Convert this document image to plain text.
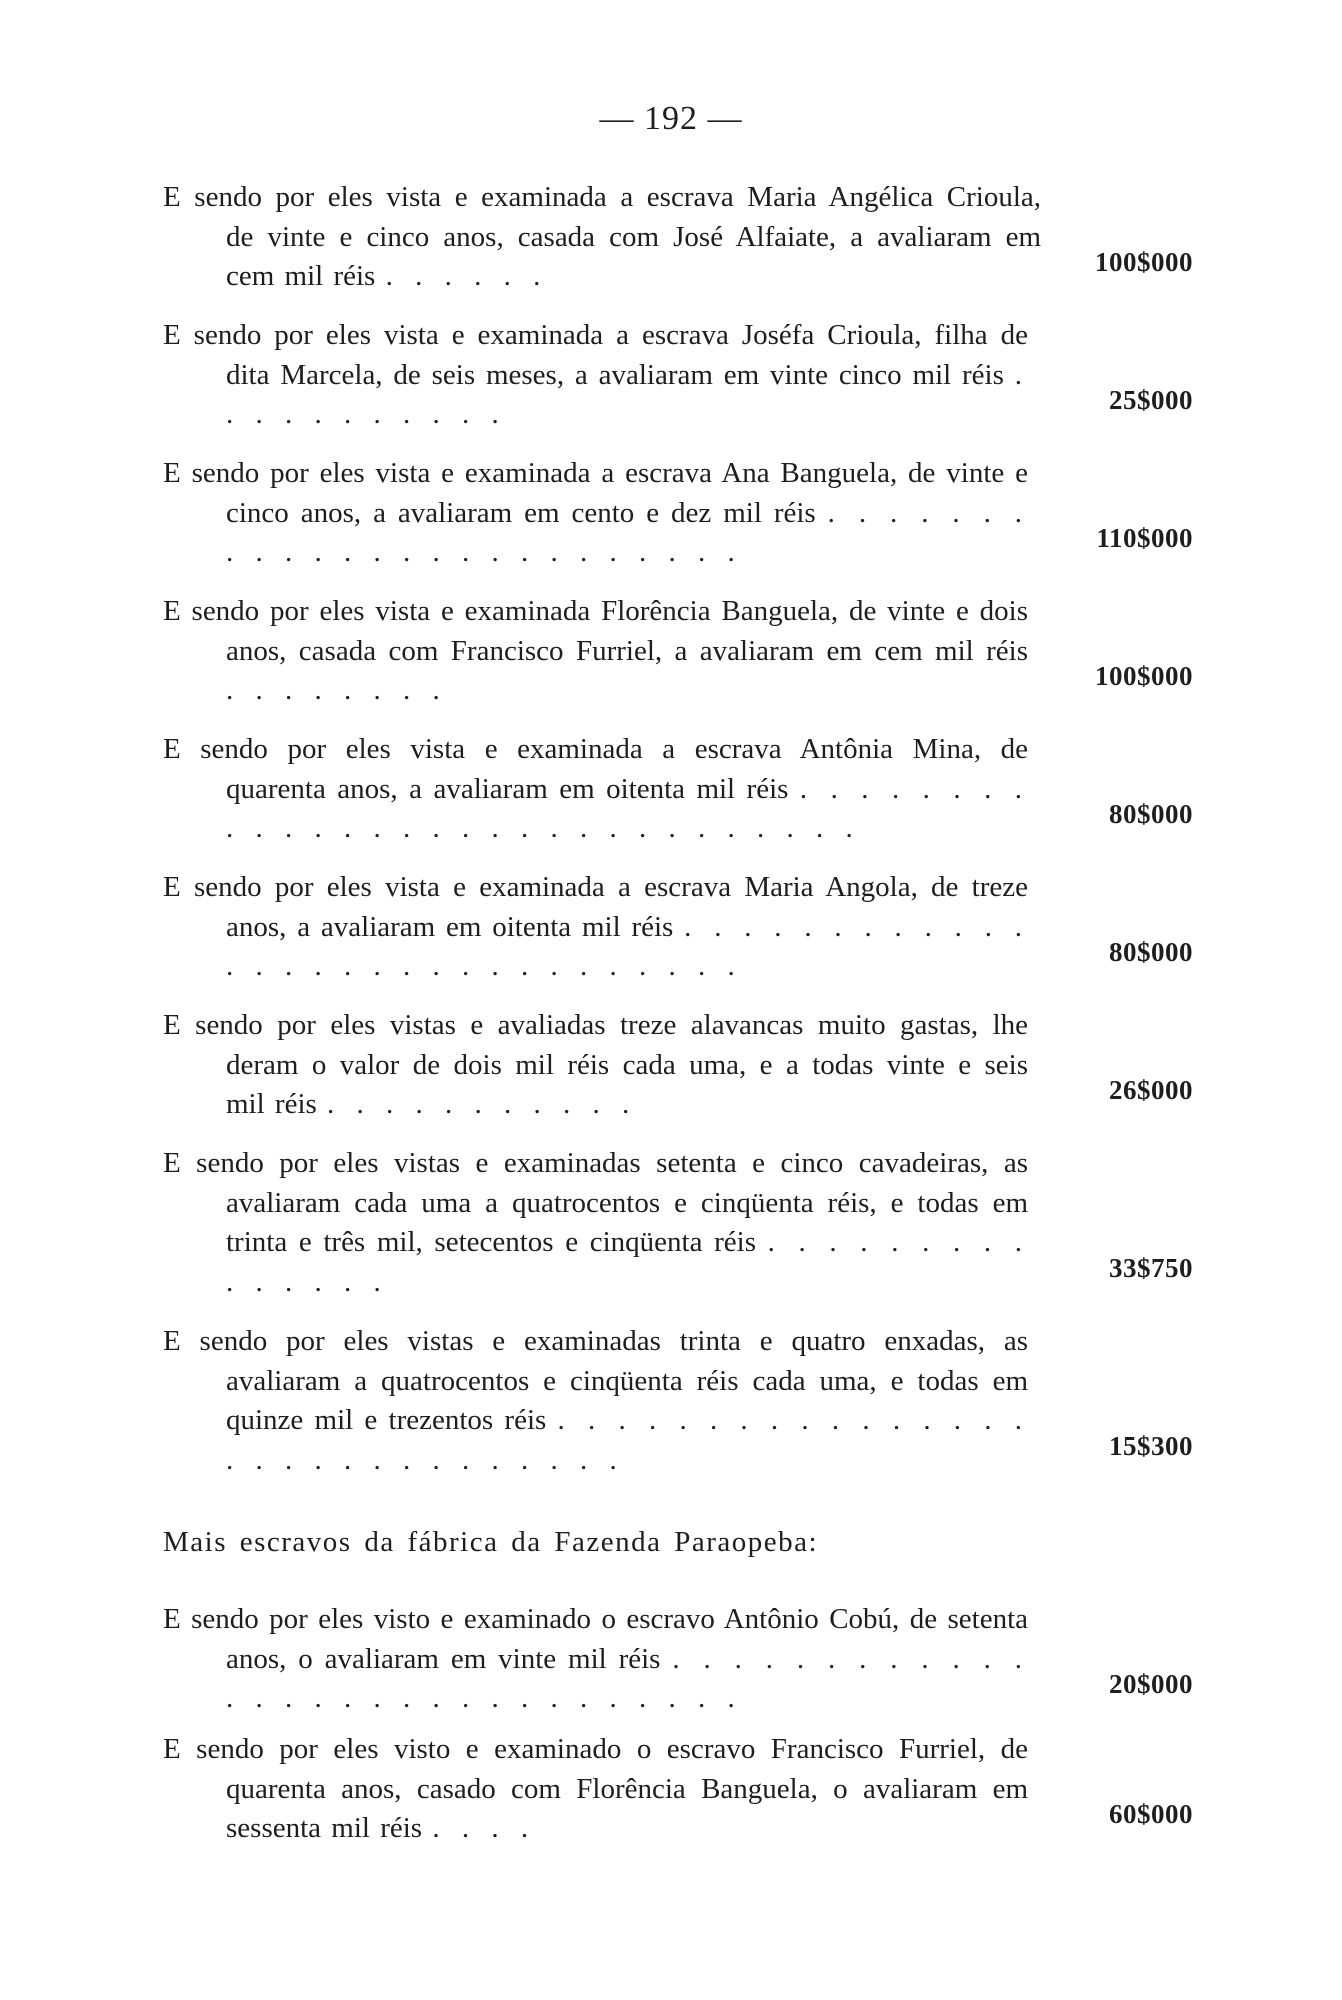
— 192 —
E sendo por eles vista e examinada a escrava Maria Angélica Crioula, de vinte e cinco anos, casada com José Alfaiate, a avaliaram em cem mil réis . . . . . .	100$000
E sendo por eles vista e examinada a escrava Joséfa Crioula, filha de dita Marcela, de seis meses, a avaliaram em vinte cinco mil réis . . . . . . . . . . .	25$000
E sendo por eles vista e examinada a escrava Ana Banguela, de vinte e cinco anos, a avaliaram em cento e dez mil réis . . . . . . . . . . . . . . . . . . . . . . . . .	110$000
E sendo por eles vista e examinada Florência Banguela, de vinte e dois anos, casada com Francisco Furriel, a avaliaram em cem mil réis . . . . . . . .	100$000
E sendo por eles vista e examinada a escrava Antônia Mina, de quarenta anos, a avaliaram em oitenta mil réis . . . . . . . . . . . . . . . . . . . . . . . . . . . . . .	80$000
E sendo por eles vista e examinada a escrava Maria Angola, de treze anos, a avaliaram em oitenta mil réis . . . . . . . . . . . . . . . . . . . . . . . . . . . . . .	80$000
E sendo por eles vistas e avaliadas treze alavancas muito gastas, lhe deram o valor de dois mil réis cada uma, e a todas vinte e seis mil réis . . . . . . . . . . .	26$000
E sendo por eles vistas e examinadas setenta e cinco cavadeiras, as avaliaram cada uma a quatrocentos e cinqüenta réis, e todas em trinta e três mil, setecentos e cinqüenta réis . . . . . . . . . . . . . . .	33$750
E sendo por eles vistas e examinadas trinta e quatro enxadas, as avaliaram a quatrocentos e cinqüenta réis cada uma, e todas em quinze mil e trezentos réis . . . . . . . . . . . . . . . . . . . . . . . . . . . . . .	15$300
Mais escravos da fábrica da Fazenda Paraopeba:
E sendo por eles visto e examinado o escravo Antônio Cobú, de setenta anos, o avaliaram em vinte mil réis . . . . . . . . . . . . . . . . . . . . . . . . . . . . . .	20$000
E sendo por eles visto e examinado o escravo Francisco Furriel, de quarenta anos, casado com Florência Banguela, o avaliaram em sessenta mil réis . . . .	60$000
